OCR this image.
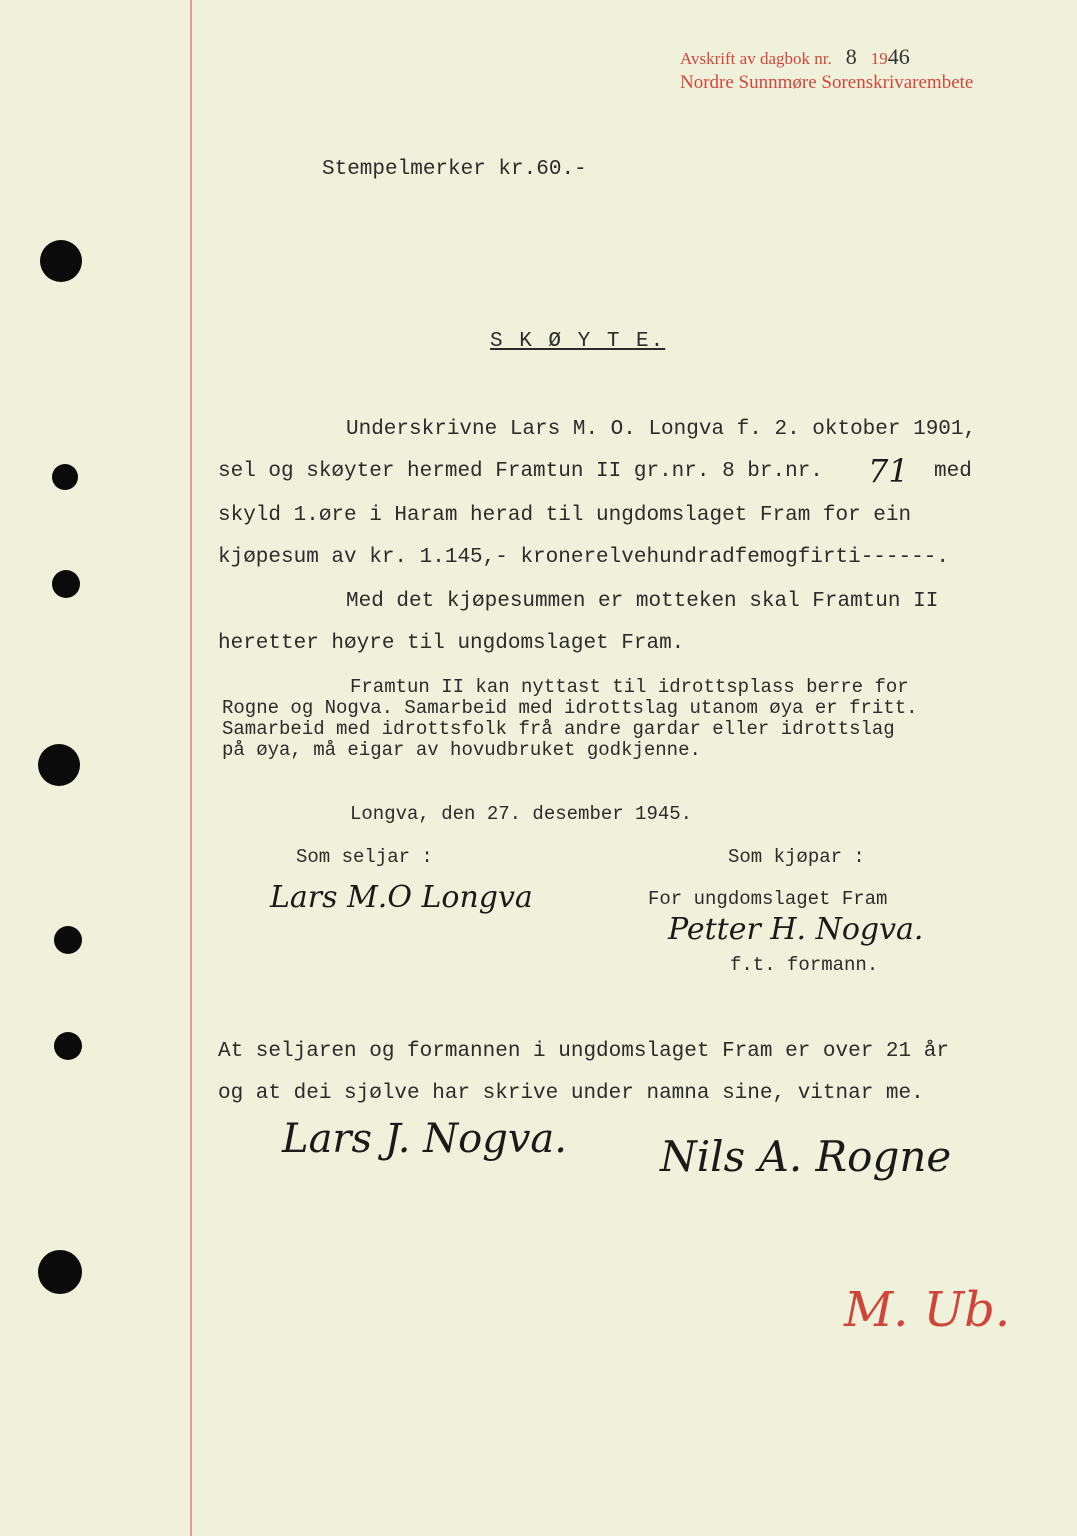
Avskrift av dagbok nr. 8 1946
Nordre Sunnmøre Sorenskrivarembete
Stempelmerker kr.60.-
S K Ø Y T E.
Underskrivne Lars M. O. Longva f. 2. oktober 1901,
sel og skøyter hermed Framtun II gr.nr. 8 br.nr. 71 med
skyld 1.øre i Haram herad til ungdomslaget Fram for ein
kjøpesum av kr. 1.145,- kronerelvehundradfemogfirti------.
Med det kjøpesummen er motteken skal Framtun II
heretter høyre til ungdomslaget Fram.
Framtun II kan nyttast til idrottsplass berre for
Rogne og Nogva. Samarbeid med idrottslag utanom øya er fritt.
Samarbeid med idrottsfolk frå andre gardar eller idrottslag
på øya, må eigar av hovudbruket godkjenne.
Longva, den 27. desember 1945.
Som seljar :	Som kjøpar :
Lars M.O Longva	For ungdomslaget Fram
Petter H. Nogva.
f.t. formann.
At seljaren og formannen i ungdomslaget Fram er over 21 år
og at dei sjølve har skrive under namna sine, vitnar me.
Lars J. Nogva. Nils A. Rogne
M. Ub.
